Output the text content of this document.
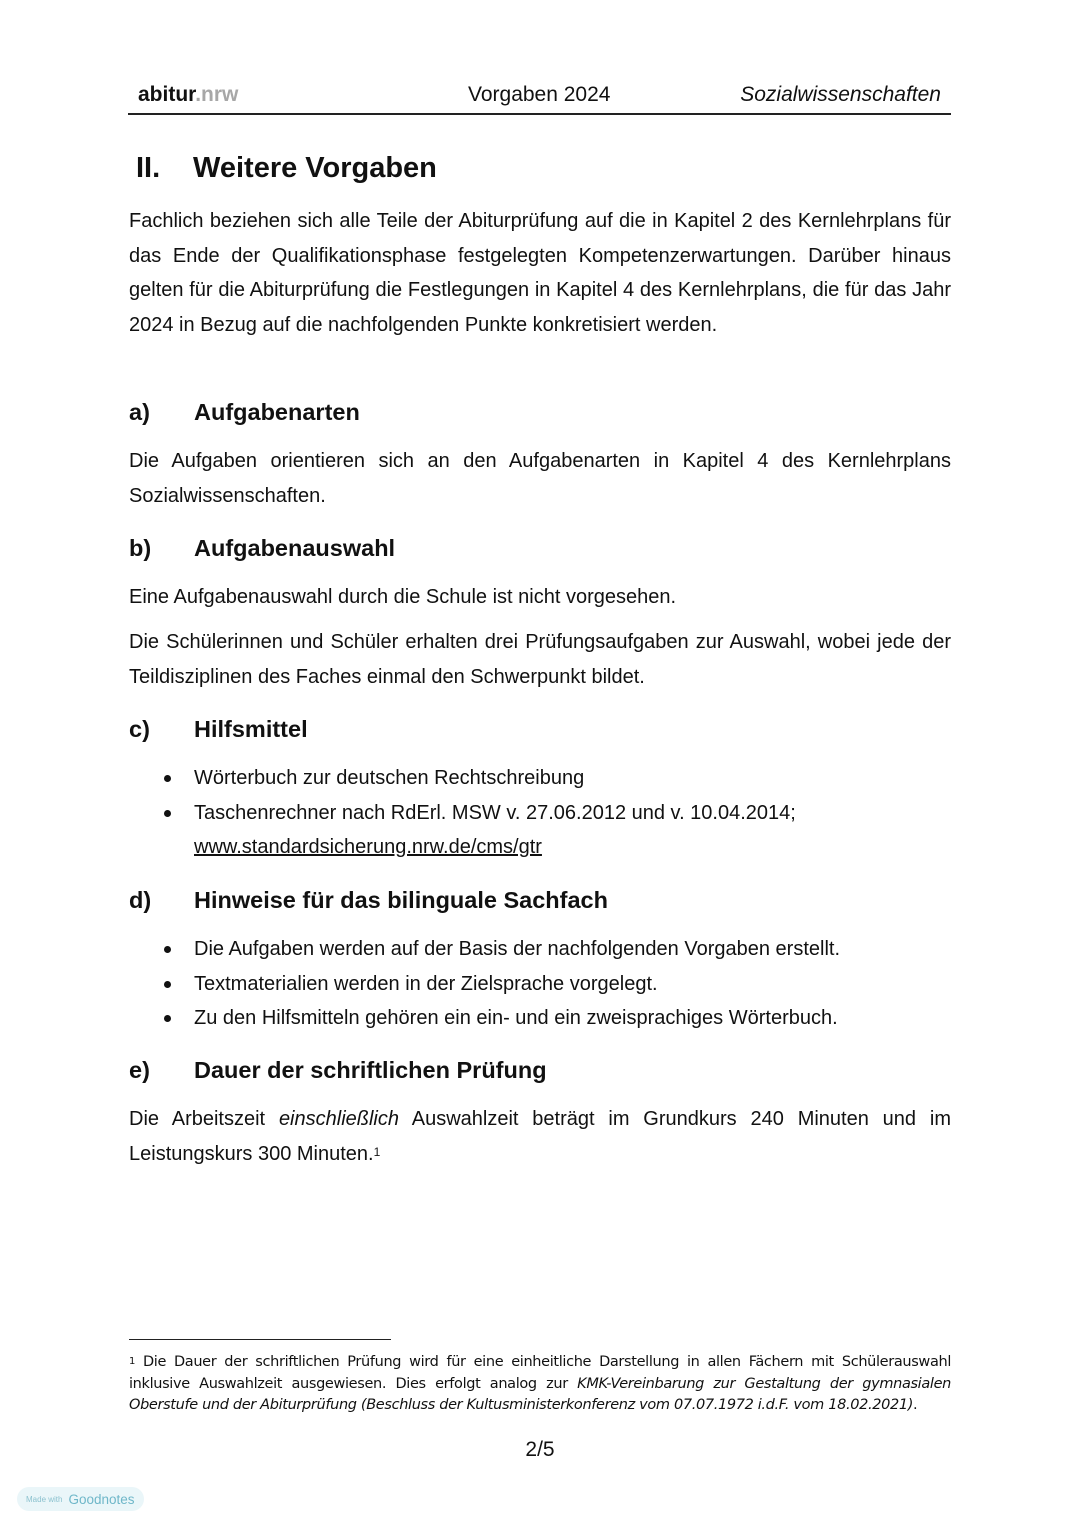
abitur.nrw	Vorgaben 2024	Sozialwissenschaften
II.	Weitere Vorgaben

Fachlich beziehen sich alle Teile der Abiturprüfung auf die in Kapitel 2 des Kernlehrplans für das Ende der Qualifikationsphase festgelegten Kompetenzerwartungen. Darüber hinaus gelten für die Abiturprüfung die Festlegungen in Kapitel 4 des Kernlehrplans, die für das Jahr 2024 in Bezug auf die nachfolgenden Punkte konkretisiert werden.

a)	Aufgabenarten

Die Aufgaben orientieren sich an den Aufgabenarten in Kapitel 4 des Kernlehrplans Sozialwissenschaften.

b)	Aufgabenauswahl

Eine Aufgabenauswahl durch die Schule ist nicht vorgesehen.

Die Schülerinnen und Schüler erhalten drei Prüfungsaufgaben zur Auswahl, wobei jede der Teildisziplinen des Faches einmal den Schwerpunkt bildet.

c)	Hilfsmittel
Wörterbuch zur deutschen Rechtschreibung
Taschenrechner nach RdErl. MSW v. 27.06.2012 und v. 10.04.2014;
www.standardsicherung.nrw.de/cms/gtr
d)	Hinweise für das bilinguale Sachfach
Die Aufgaben werden auf der Basis der nachfolgenden Vorgaben erstellt.
Textmaterialien werden in der Zielsprache vorgelegt.
Zu den Hilfsmitteln gehören ein ein- und ein zweisprachiges Wörterbuch.
e)	Dauer der schriftlichen Prüfung

Die Arbeitszeit einschließlich Auswahlzeit beträgt im Grundkurs 240 Minuten und im Leistungskurs 300 Minuten.$^1$

$^1$ Die Dauer der schriftlichen Prüfung wird für eine einheitliche Darstellung in allen Fächern mit Schülerauswahl inklusive Auswahlzeit ausgewiesen. Dies erfolgt analog zur KMK-Vereinbarung zur Gestaltung der gymnasialen Oberstufe und der Abiturprüfung (Beschluss der Kultusministerkonferenz vom 07.07.1972 i.d.F. vom 18.02.2021).

2/5
Made with Goodnotes
